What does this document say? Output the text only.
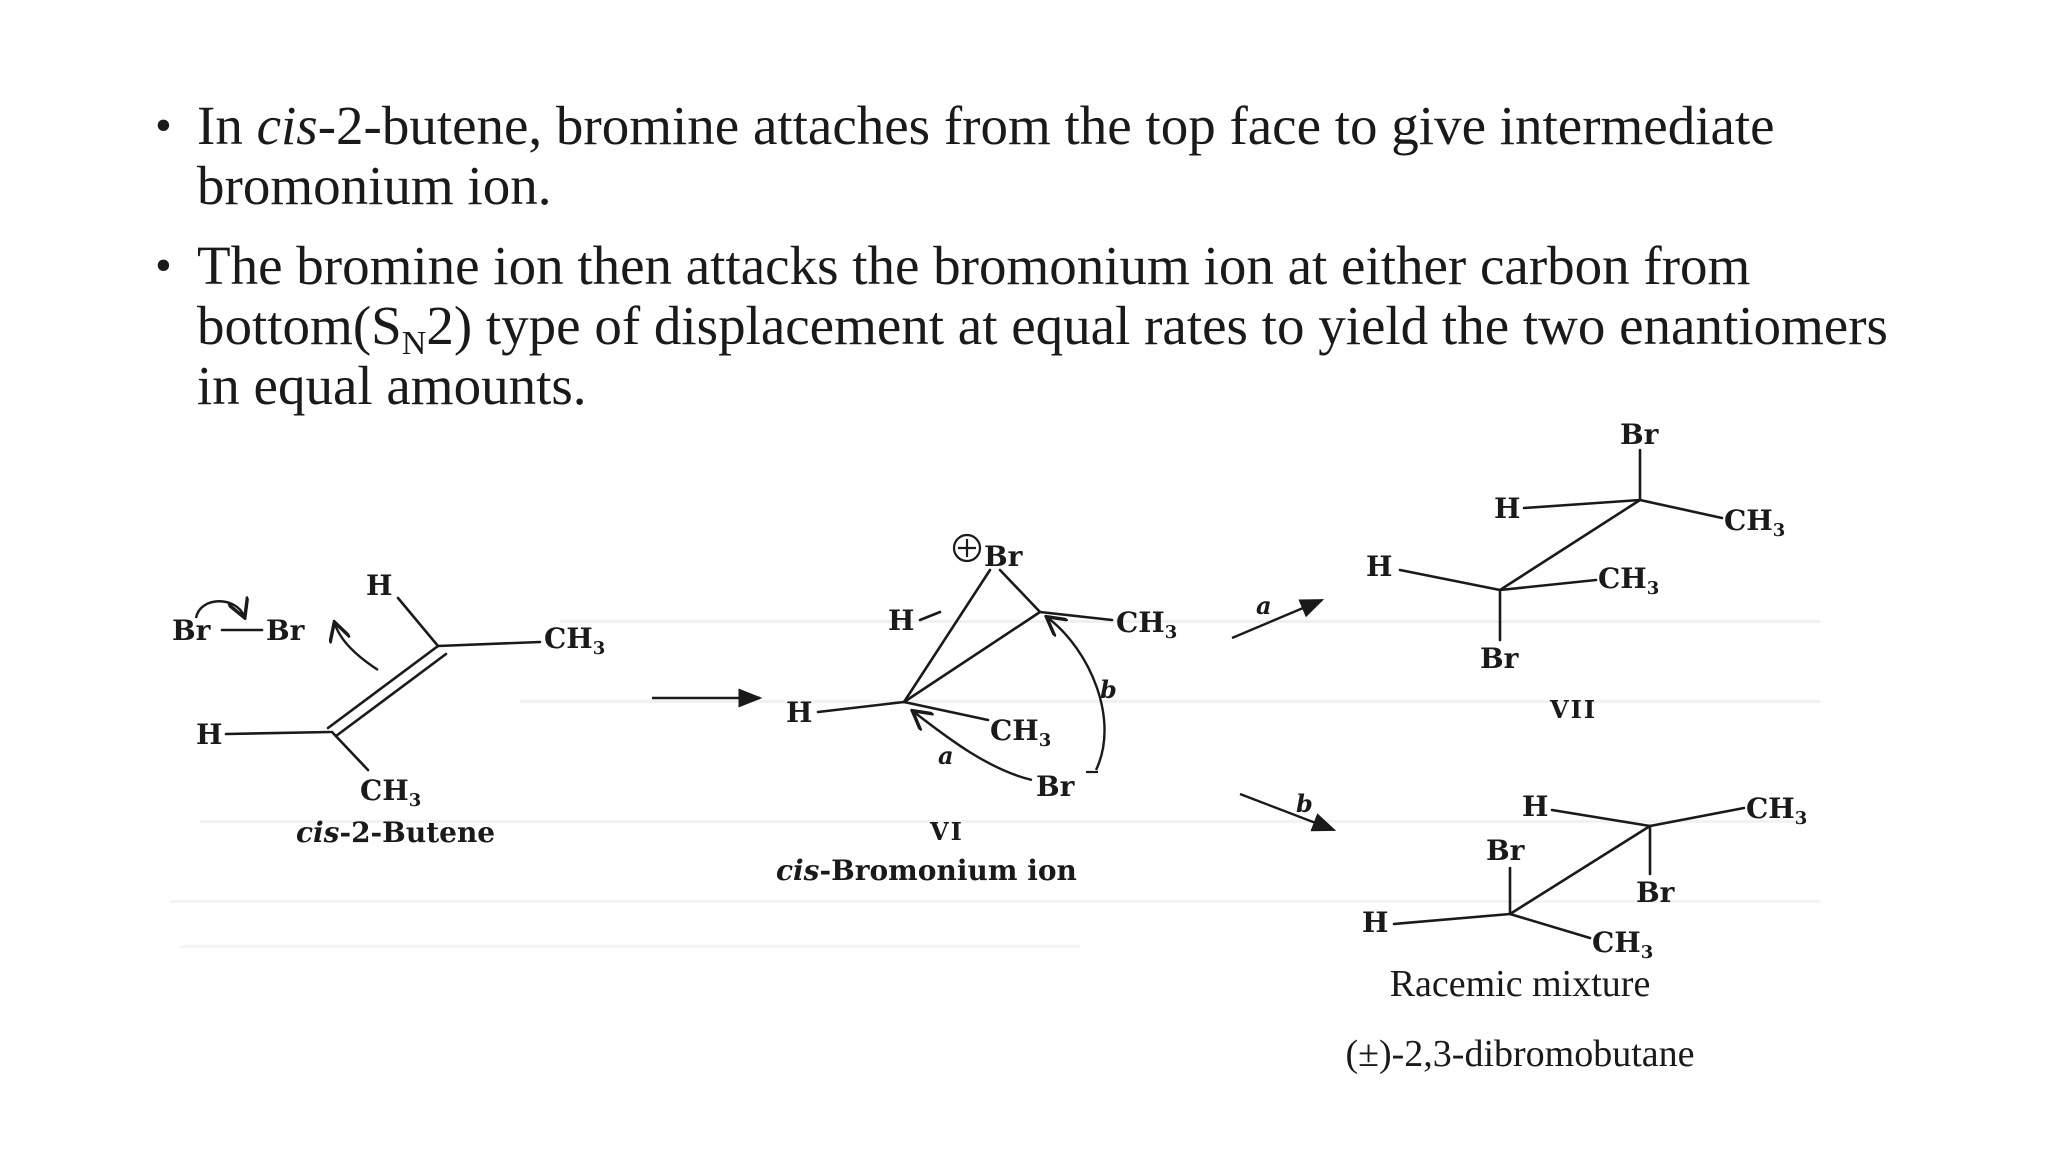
• In cis-2-butene, bromine attaches from the top face to give intermediate bromonium ion.
• The bromine ion then attacks the bromonium ion at either carbon from $bottom(S_N2)$ type of displacement at equal rates to yield the two enantiomers in equal amounts.
Br Br
H
$CH_3$
H
$CH_3$
cis-2-Butene
Br
H	$CH_3$
H
$CH_3$
Br
a
b
VI
cis-Bromonium ion
a
b
Br
H	$CH_3$
H	$CH_3$
Br
VII
H	$CH_3$
Br
Br
H
$CH_3$
Racemic mixture
(±)-2,3-dibromobutane
